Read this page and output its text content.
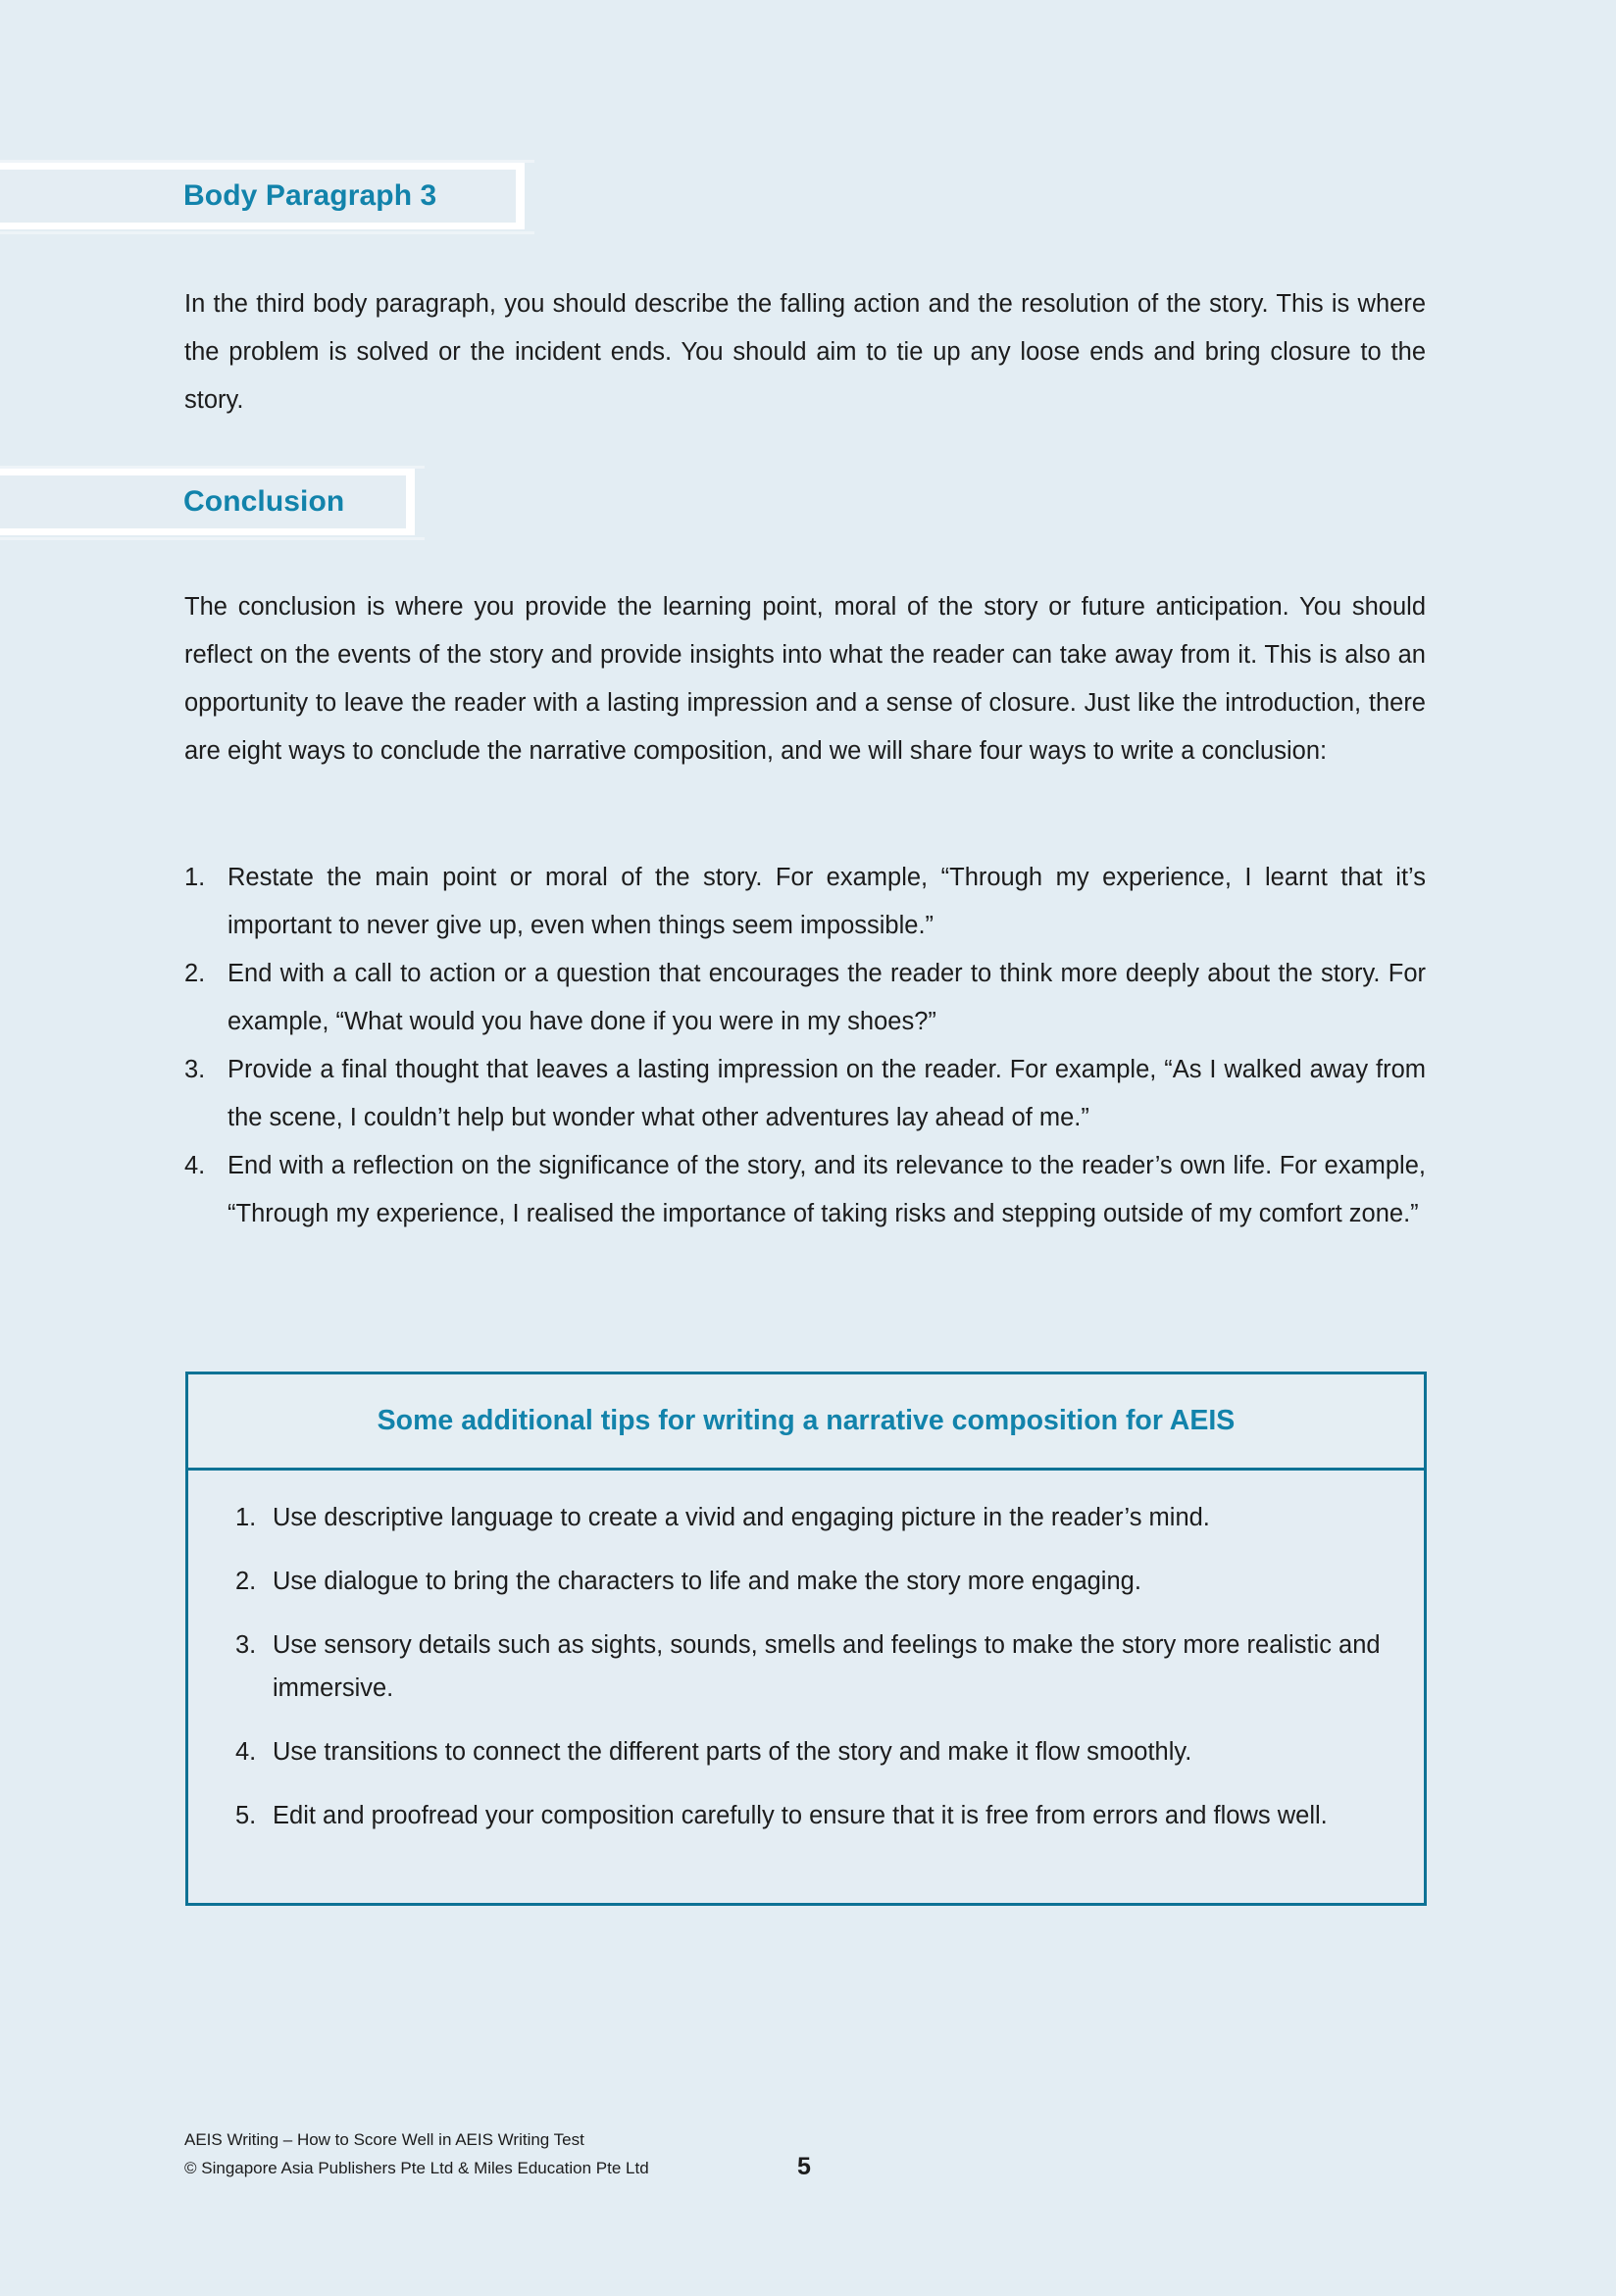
Body Paragraph 3

In the third body paragraph, you should describe the falling action and the resolution of the story. This is where the problem is solved or the incident ends. You should aim to tie up any loose ends and bring closure to the story.

Conclusion

The conclusion is where you provide the learning point, moral of the story or future anticipation. You should reflect on the events of the story and provide insights into what the reader can take away from it. This is also an opportunity to leave the reader with a lasting impression and a sense of closure. Just like the introduction, there are eight ways to conclude the narrative composition, and we will share four ways to write a conclusion:

1. Restate the main point or moral of the story. For example, “Through my experience, I learnt that it’s important to never give up, even when things seem impossible.”
2. End with a call to action or a question that encourages the reader to think more deeply about the story. For example, “What would you have done if you were in my shoes?”
3. Provide a final thought that leaves a lasting impression on the reader. For example, “As I walked away from the scene, I couldn’t help but wonder what other adventures lay ahead of me.”
4. End with a reflection on the significance of the story, and its relevance to the reader’s own life. For example, “Through my experience, I realised the importance of taking risks and stepping outside of my comfort zone.”
Some additional tips for writing a narrative composition for AEIS
1. Use descriptive language to create a vivid and engaging picture in the reader’s mind.
2. Use dialogue to bring the characters to life and make the story more engaging.
3. Use sensory details such as sights, sounds, smells and feelings to make the story more realistic and immersive.
4. Use transitions to connect the different parts of the story and make it flow smoothly.
5. Edit and proofread your composition carefully to ensure that it is free from errors and flows well.
AEIS Writing – How to Score Well in AEIS Writing Test
© Singapore Asia Publishers Pte Ltd & Miles Education Pte Ltd	5
